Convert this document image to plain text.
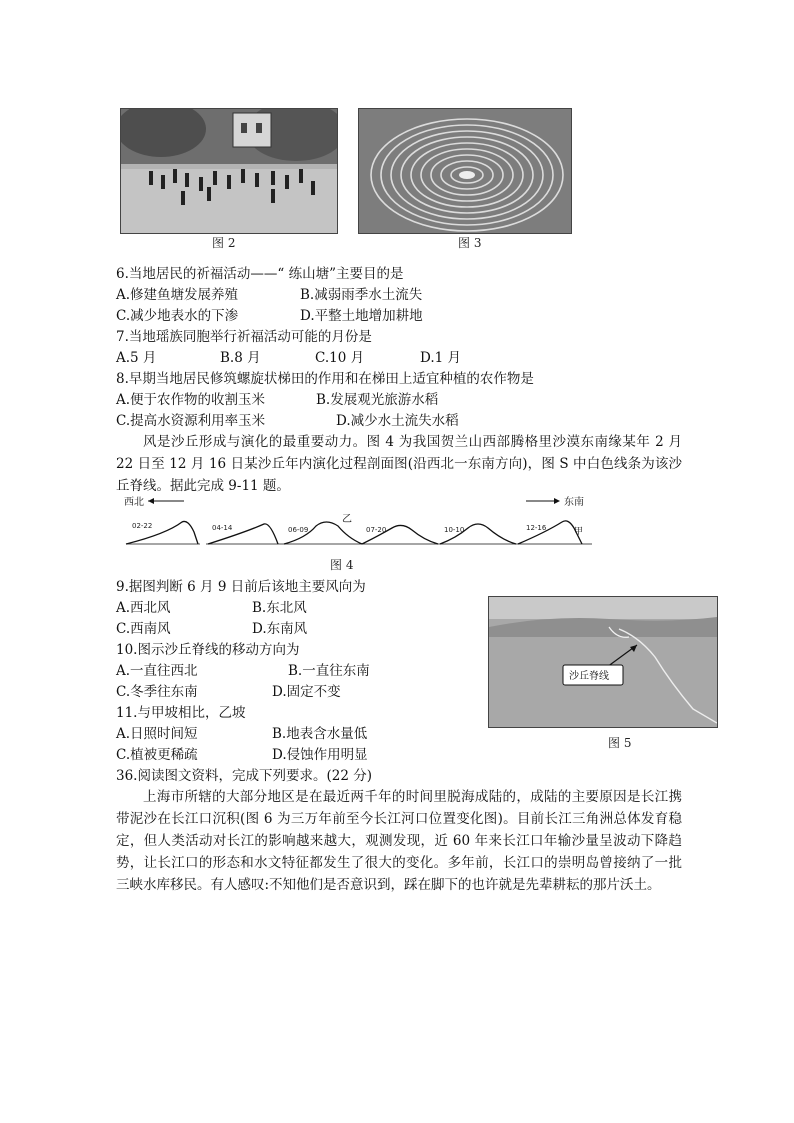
图 2	图 3
6.当地居民的祈福活动——“ 练山塘”主要目的是
A.修建鱼塘发展养殖	B.减弱雨季水土流失
C.减少地表水的下渗	D.平整土地增加耕地
7.当地瑶族同胞举行祈福活动可能的月份是
A.5 月	B.8 月	C.10 月	D.1 月
8.早期当地居民修筑螺旋状梯田的作用和在梯田上适宜种植的农作物是
A.便于农作物的收割玉米	B.发展观光旅游水稻
C.提高水资源利用率玉米	D.减少水土流失水稻
风是沙丘形成与演化的最重要动力。图 4 为我国贺兰山西部腾格里沙漠东南缘某年 2 月 22 日至 12 月 16 日某沙丘年内演化过程剖面图(沿西北一东南方向)，图 S 中白色线条为该沙丘脊线。据此完成 9-11 题。
西北	东南
02-22	04-14	06-09	07-20	10-10	12-16
乙
甲
图 4
9.据图判断 6 月 9 日前后该地主要风向为
A.西北风	B.东北风
C.西南风	D.东南风
10.图示沙丘脊线的移动方向为
A.一直往西北	B.一直往东南
C.冬季往东南	D.固定不变
11.与甲坡相比，乙坡
A.日照时间短	B.地表含水量低
C.植被更稀疏	D.侵蚀作用明显
沙丘脊线
图 5
36.阅读图文资料，完成下列要求。(22 分)
上海市所辖的大部分地区是在最近两千年的时间里脱海成陆的，成陆的主要原因是长江携带泥沙在长江口沉积(图 6 为三万年前至今长江河口位置变化图)。目前长江三角洲总体发育稳定，但人类活动对长江的影响越来越大，观测发现，近 60 年来长江口年输沙量呈波动下降趋势，让长江口的形态和水文特征都发生了很大的变化。多年前，长江口的崇明岛曾接纳了一批三峡水库移民。有人感叹:不知他们是否意识到，踩在脚下的也许就是先辈耕耘的那片沃土。
